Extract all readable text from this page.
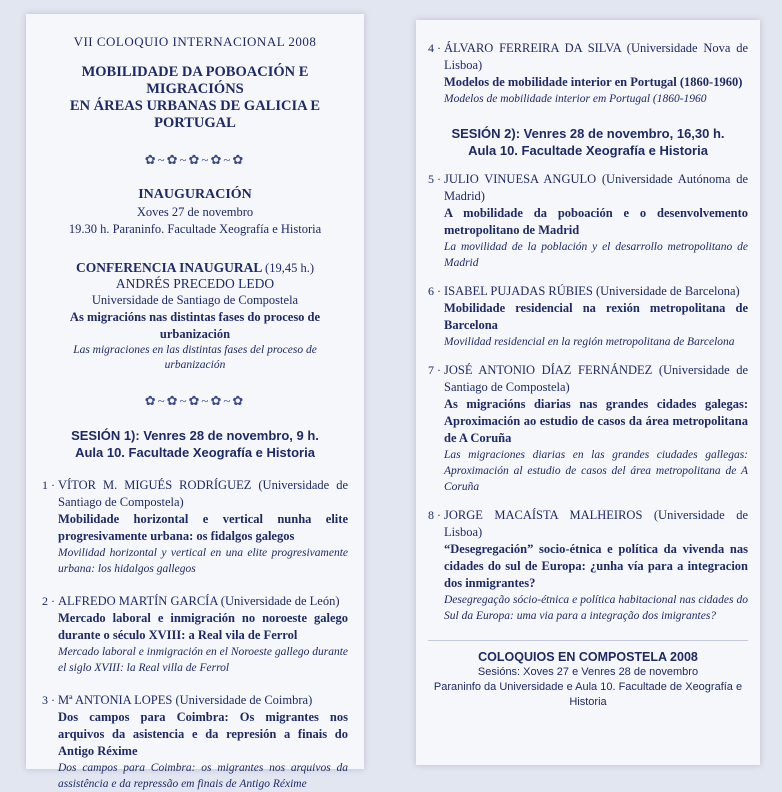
VII COLOQUIO INTERNACIONAL 2008
MOBILIDADE DA POBOACIÓN E MIGRACIÓNS
EN ÁREAS URBANAS DE GALICIA E PORTUGAL
✿~✿~✿~✿~✿
INAUGURACIÓN
Xoves 27 de novembro
19.30 h. Paraninfo. Facultade Xeografía e Historia
CONFERENCIA INAUGURAL (19,45 h.)
ANDRÉS PRECEDO LEDO
Universidade de Santiago de Compostela
As migracións nas distintas fases do proceso de urbanización
Las migraciones en las distintas fases del proceso de urbanización
✿~✿~✿~✿~✿
SESIÓN 1): Venres 28 de novembro, 9 h.
Aula 10. Facultade Xeografía e Historia
1 · VÍTOR M. MIGUÉS RODRÍGUEZ (Universidade de Santiago de Compostela)
Mobilidade horizontal e vertical nunha elite progresivamente urbana: os fidalgos galegos
Movilidad horizontal y vertical en una elite progresivamente urbana: los hidalgos gallegos
2 · ALFREDO MARTÍN GARCÍA (Universidade de León)
Mercado laboral e inmigración no noroeste galego durante o século XVIII: a Real vila de Ferrol
Mercado laboral e inmigración en el Noroeste gallego durante el siglo XVIII: la Real villa de Ferrol
3 · Mª ANTONIA LOPES (Universidade de Coimbra)
Dos campos para Coimbra: Os migrantes nos arquivos da asistencia e da represión a finais do Antigo Réxime
Dos campos para Coimbra: os migrantes nos arquivos da assistência e da repressão em finais de Antigo Réxime
4 · ÁLVARO FERREIRA DA SILVA (Universidade Nova de Lisboa)
Modelos de mobilidade interior en Portugal (1860-1960)
Modelos de mobilidade interior em Portugal (1860-1960
SESIÓN 2): Venres 28 de novembro, 16,30 h.
Aula 10. Facultade Xeografía e Historia
5 · JULIO VINUESA ANGULO (Universidade Autónoma de Madrid)
A mobilidade da poboación e o desenvolvemento metropolitano de Madrid
La movilidad de la población y el desarrollo metropolitano de Madrid
6 · ISABEL PUJADAS RÚBIES (Universidade de Barcelona)
Mobilidade residencial na rexión metropolitana de Barcelona
Movilidad residencial en la región metropolitana de Barcelona
7 · JOSÉ ANTONIO DÍAZ FERNÁNDEZ (Universidade de Santiago de Compostela)
As migracións diarias nas grandes cidades galegas: Aproximación ao estudio de casos da área metropolitana de A Coruña
Las migraciones diarias en las grandes ciudades gallegas: Aproximación al estudio de casos del área metropolitana de A Coruña
8 · JORGE MACAÍSTA MALHEIROS (Universidade de Lisboa)
“Desegregación” socio-étnica e política da vivenda nas cidades do sul de Europa: ¿unha vía para a integracion dos inmigrantes?
Desegregação sócio-étnica e política habitacional nas cidades do Sul da Europa: uma via para a integração dos imigrantes?
COLOQUIOS EN COMPOSTELA 2008
Sesións: Xoves 27 e Venres 28 de novembro
Paraninfo da Universidade e Aula 10. Facultade de Xeografía e Historia
